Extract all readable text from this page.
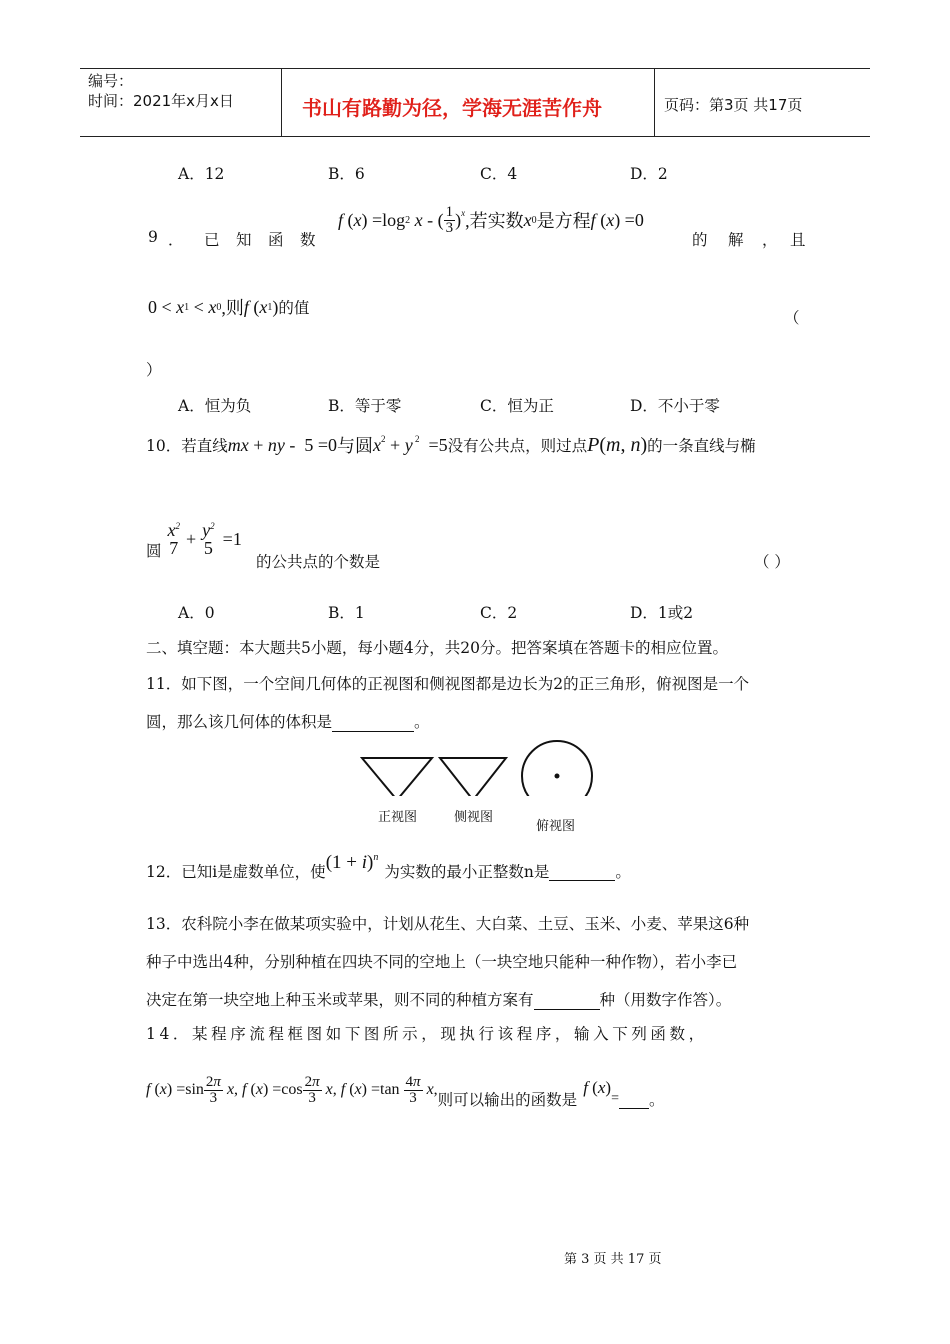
编号：
时间：2021年x月x日	书山有路勤为径，学海无涯苦作舟	页码：第3页 共17页
A．12	B．6	C．4	D．2
9 ． 已 知 函 数
f ( x ) =log 2 x - ( $\frac{1}{3} )^x$ ,若实数 x 0 是方程 f ( x ) =0
的 解 ， 且
0 < x 1 < x 0 ,则 f ( x 1 ) 的值
（
）
A．恒为负	B．等于零	C．恒为正	D．不小于零
10．若直线 mx + ny -  5 =0 与圆 $x^2 + y$ $^2$ =5 没有公共点，则过点 P ( m , n ) 的一条直线与椭
圆
$x^2$
$7 + y^2$
5 =1
的公共点的个数是	（ ）
A．0	B．1	C．2	D．1或2
二、填空题：本大题共5小题，每小题4分，共20分。把答案填在答题卡的相应位置。
11．如下图，一个空间几何体的正视图和侧视图都是边长为2的正三角形，俯视图是一个
圆，那么该几何体的体积是	。
正视图	侧视图
俯视图
12．已知i是虚数单位，使 (1 + i )$^n$
为实数的最小正整数n是
	。
13．农科院小李在做某项实验中，计划从花生、大白菜、土豆、玉米、小麦、苹果这6种
种子中选出4种，分别种植在四块不同的空地上（一块空地只能种一种作物），若小李已
决定在第一块空地上种玉米或苹果，则不同的种植方案有	种（用数字作答）。
14．某程序流程框图如下图所示，现执行该程序，输入下列函数，
f ( x ) $=\sin \frac{2\pi}{3}$ x , f ( x ) $=\cos \frac{2\pi}{3}$ x , f ( x ) $=\tan \frac{4\pi}{3}$ x ,
则可以输出的函数是
f ( x )
=
。
第 3 页 共 17 页
